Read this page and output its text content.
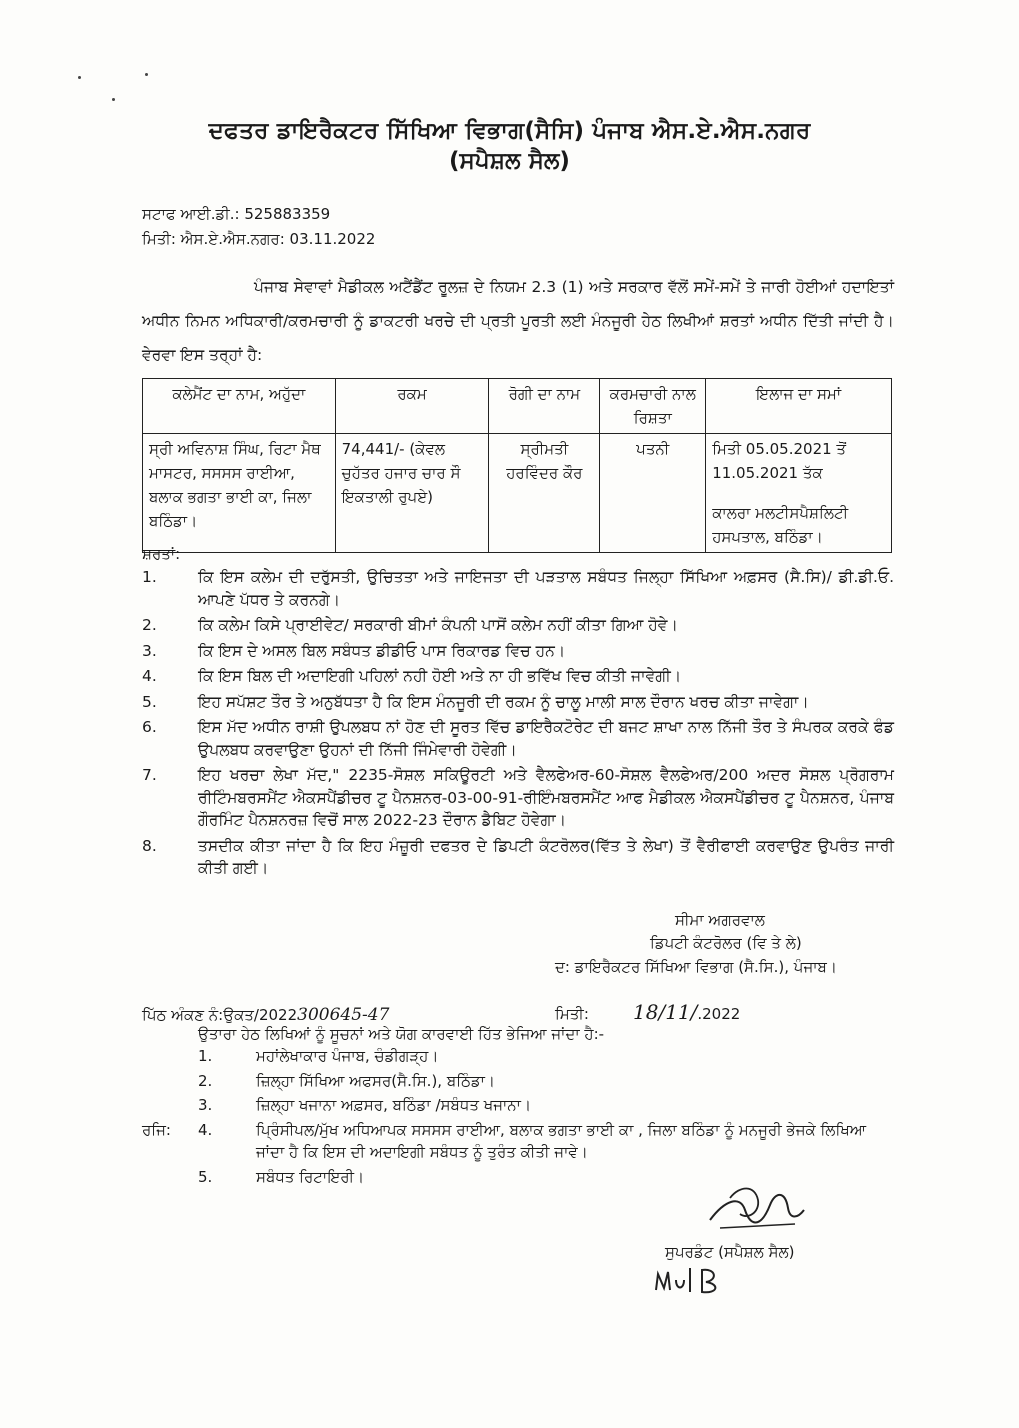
ਦਫਤਰ ਡਾਇਰੈਕਟਰ ਸਿੱਖਿਆ ਵਿਭਾਗ(ਸੈਸਿ) ਪੰਜਾਬ ਐਸ.ਏ.ਐਸ.ਨਗਰ
(ਸਪੈਸ਼ਲ ਸੈਲ)
ਸਟਾਫ ਆਈ.ਡੀ.: 525883359
ਮਿਤੀ: ਐਸ.ਏ.ਐਸ.ਨਗਰ: 03.11.2022
ਪੰਜਾਬ ਸੇਵਾਵਾਂ ਮੈਡੀਕਲ ਅਟੈਂਡੈਂਟ ਰੂਲਜ਼ ਦੇ ਨਿਯਮ 2.3 (1) ਅਤੇ ਸਰਕਾਰ ਵੱਲੋਂ ਸਮੇਂ-ਸਮੇਂ ਤੇ ਜਾਰੀ ਹੋਈਆਂ ਹਦਾਇਤਾਂ ਅਧੀਨ ਨਿਮਨ ਅਧਿਕਾਰੀ/ਕਰਮਚਾਰੀ ਨੂੰ ਡਾਕਟਰੀ ਖਰਚੇ ਦੀ ਪ੍ਰਤੀ ਪੂਰਤੀ ਲਈ ਮੰਨਜੂਰੀ ਹੇਠ ਲਿਖੀਆਂ ਸ਼ਰਤਾਂ ਅਧੀਨ ਦਿੱਤੀ ਜਾਂਦੀ ਹੈ। ਵੇਰਵਾ ਇਸ ਤਰ੍ਹਾਂ ਹੈ:
ਕਲੇਮੈਂਟ ਦਾ ਨਾਮ, ਅਹੁੱਦਾ	ਰਕਮ	ਰੋਗੀ ਦਾ ਨਾਮ	ਕਰਮਚਾਰੀ ਨਾਲ ਰਿਸ਼ਤਾ	ਇਲਾਜ ਦਾ ਸਮਾਂ
ਸ੍ਰੀ ਅਵਿਨਾਸ਼ ਸਿੰਘ, ਰਿਟਾ ਮੈਥ ਮਾਸਟਰ, ਸਸਸਸ ਰਾਈਆ, ਬਲਾਕ ਭਗਤਾ ਭਾਈ ਕਾ, ਜਿਲਾ ਬਠਿੰਡਾ।	74,441/- (ਕੇਵਲ ਚੁਹੱਤਰ ਹਜਾਰ ਚਾਰ ਸੌ ਇਕਤਾਲੀ ਰੁਪਏ)	ਸ੍ਰੀਮਤੀ ਹਰਵਿੰਦਰ ਕੌਰ	ਪਤਨੀ	ਮਿਤੀ 05.05.2021 ਤੋਂ 11.05.2021 ਤੱਕ
ਕਾਲਰਾ ਮਲਟੀਸਪੈਸ਼ਲਿਟੀ ਹਸਪਤਾਲ, ਬਠਿੰਡਾ।
ਸ਼ਰਤਾਂ:
1.	ਕਿ ਇਸ ਕਲੇਮ ਦੀ ਦਰੁੱਸਤੀ, ਉਚਿਤਤਾ ਅਤੇ ਜਾਇਜਤਾ ਦੀ ਪੜਤਾਲ ਸਬੰਧਤ ਜਿਲ੍ਹਾ ਸਿੱਖਿਆ ਅਫ਼ਸਰ (ਸੈ.ਸਿ)/ ਡੀ.ਡੀ.ਓ. ਆਪਣੇ ਪੱਧਰ ਤੇ ਕਰਨਗੇ।
2.	ਕਿ ਕਲੇਮ ਕਿਸੇ ਪ੍ਰਾਈਵੇਟ/ ਸਰਕਾਰੀ ਬੀਮਾਂ ਕੰਪਨੀ ਪਾਸੋਂ ਕਲੇਮ ਨਹੀਂ ਕੀਤਾ ਗਿਆ ਹੋਵੇ।
3.	ਕਿ ਇਸ ਦੇ ਅਸਲ ਬਿਲ ਸਬੰਧਤ ਡੀਡੀਓ ਪਾਸ ਰਿਕਾਰਡ ਵਿਚ ਹਨ।
4.	ਕਿ ਇਸ ਬਿਲ ਦੀ ਅਦਾਇਗੀ ਪਹਿਲਾਂ ਨਹੀ ਹੋਈ ਅਤੇ ਨਾ ਹੀ ਭਵਿੱਖ ਵਿਚ ਕੀਤੀ ਜਾਵੇਗੀ।
5.	ਇਹ ਸਪੱਸ਼ਟ ਤੌਰ ਤੇ ਅਨੁਬੱਧਤਾ ਹੈ ਕਿ ਇਸ ਮੰਨਜੂਰੀ ਦੀ ਰਕਮ ਨੂੰ ਚਾਲੂ ਮਾਲੀ ਸਾਲ ਦੌਰਾਨ ਖਰਚ ਕੀਤਾ ਜਾਵੇਗਾ।
6.	ਇਸ ਮੱਦ ਅਧੀਨ ਰਾਸ਼ੀ ਉਪਲਬਧ ਨਾਂ ਹੋਣ ਦੀ ਸੂਰਤ ਵਿੱਚ ਡਾਇਰੈਕਟੋਰੇਟ ਦੀ ਬਜਟ ਸ਼ਾਖਾ ਨਾਲ ਨਿੱਜੀ ਤੌਰ ਤੇ ਸੰਪਰਕ ਕਰਕੇ ਫੰਡ ਉਪਲਬਧ ਕਰਵਾਉਣਾ ਉਹਨਾਂ ਦੀ ਨਿੱਜੀ ਜਿੰਮੇਵਾਰੀ ਹੋਵੇਗੀ।
7.	ਇਹ ਖਰਚਾ ਲੇਖਾ ਮੱਦ," 2235-ਸੋਸ਼ਲ ਸਕਿਊਰਟੀ ਅਤੇ ਵੈਲਫੇਅਰ-60-ਸੋਸ਼ਲ ਵੈਲਫੇਅਰ/200 ਅਦਰ ਸੋਸ਼ਲ ਪ੍ਰੋਗਰਾਮ ਰੀਟਿੰਮਬਰਸਮੈਂਟ ਐਕਸਪੈਂਡੀਚਰ ਟੂ ਪੈਨਸ਼ਨਰ-03-00-91-ਰੀਇੰਮਬਰਸਮੈਂਟ ਆਫ ਮੈਡੀਕਲ ਐਕਸਪੈਂਡੀਚਰ ਟੂ ਪੈਨਸ਼ਨਰ, ਪੰਜਾਬ ਗੌਰਮਿੰਟ ਪੈਨਸ਼ਨਰਜ਼ ਵਿਚੋਂ ਸਾਲ 2022-23 ਦੌਰਾਨ ਡੈਬਿਟ ਹੋਵੇਗਾ।
8.	ਤਸਦੀਕ ਕੀਤਾ ਜਾਂਦਾ ਹੈ ਕਿ ਇਹ ਮੰਜ਼ੂਰੀ ਦਫਤਰ ਦੇ ਡਿਪਟੀ ਕੰਟਰੋਲਰ(ਵਿੱਤ ਤੇ ਲੇਖਾ) ਤੋਂ ਵੈਰੀਫਾਈ ਕਰਵਾਉਣ ਉਪਰੰਤ ਜਾਰੀ ਕੀਤੀ ਗਈ।
ਸੀਮਾ ਅਗਰਵਾਲ
ਡਿਪਟੀ ਕੰਟਰੋਲਰ (ਵਿ ਤੇ ਲੇ)
ਦ: ਡਾਇਰੈਕਟਰ ਸਿੱਖਿਆ ਵਿਭਾਗ (ਸੈ.ਸਿ.), ਪੰਜਾਬ।
ਪਿੱਠ ਅੰਕਣ ਨੰ:ਉਕਤ/2022300645-47	ਮਿਤੀ: 18/11/.2022
ਉਤਾਰਾ ਹੇਠ ਲਿਖਿਆਂ ਨੂੰ ਸੂਚਨਾਂ ਅਤੇ ਯੋਗ ਕਾਰਵਾਈ ਹਿੱਤ ਭੇਜਿਆ ਜਾਂਦਾ ਹੈ:-
1.	ਮਹਾਂਲੇਖਾਕਾਰ ਪੰਜਾਬ, ਚੰਡੀਗੜ੍ਹ।
2.	ਜ਼ਿਲ੍ਹਾ ਸਿੱਖਿਆ ਅਫਸਰ(ਸੈ.ਸਿ.), ਬਠਿੰਡਾ।
3.	ਜ਼ਿਲ੍ਹਾ ਖਜਾਨਾ ਅਫ਼ਸਰ, ਬਠਿੰਡਾ /ਸਬੰਧਤ ਖਜਾਨਾ।
ਰਜਿ:	4.	ਪ੍ਰਿੰਸੀਪਲ/ਮੁੱਖ ਅਧਿਆਪਕ ਸਸਸਸ ਰਾਈਆ, ਬਲਾਕ ਭਗਤਾ ਭਾਈ ਕਾ , ਜਿਲਾ ਬਠਿੰਡਾ ਨੂੰ ਮਨਜੂਰੀ ਭੇਜਕੇ ਲਿਖਿਆ ਜਾਂਦਾ ਹੈ ਕਿ ਇਸ ਦੀ ਅਦਾਇਗੀ ਸਬੰਧਤ ਨੂੰ ਤੁਰੰਤ ਕੀਤੀ ਜਾਵੇ।
5.	ਸਬੰਧਤ ਰਿਟਾਇਰੀ।
ਸੁਪਰਡੰਟ (ਸਪੈਸ਼ਲ ਸੈਲ)
